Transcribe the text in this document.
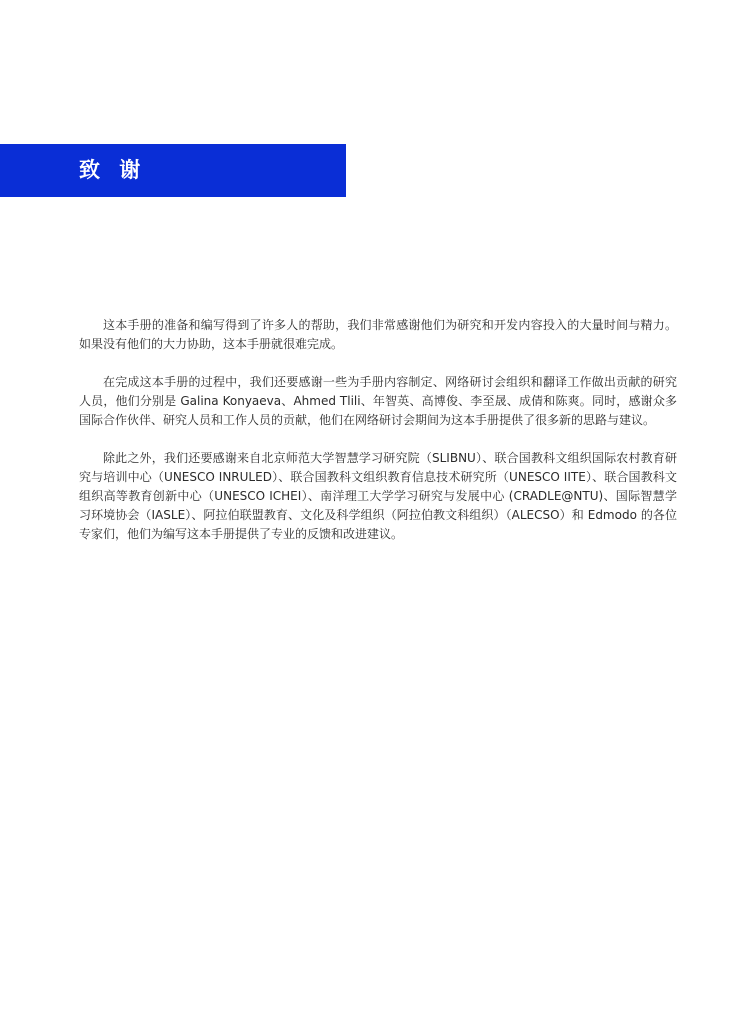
致 谢

这本手册的准备和编写得到了许多人的帮助，我们非常感谢他们为研究和开发内容投入的大量时间与精力。如果没有他们的大力协助，这本手册就很难完成。

在完成这本手册的过程中，我们还要感谢一些为手册内容制定、网络研讨会组织和翻译工作做出贡献的研究人员，他们分别是 Galina Konyaeva、Ahmed Tlili、年智英、高博俊、李至晟、成倩和陈爽。同时，感谢众多国际合作伙伴、研究人员和工作人员的贡献，他们在网络研讨会期间为这本手册提供了很多新的思路与建议。

除此之外，我们还要感谢来自北京师范大学智慧学习研究院（SLIBNU）、联合国教科文组织国际农村教育研究与培训中心（UNESCO INRULED）、联合国教科文组织教育信息技术研究所（UNESCO IITE）、联合国教科文组织高等教育创新中心（UNESCO ICHEI）、南洋理工大学学习研究与发展中心 (CRADLE@NTU)、国际智慧学习环境协会（IASLE）、阿拉伯联盟教育、文化及科学组织（阿拉伯教文科组织）（ALECSO）和 Edmodo 的各位专家们，他们为编写这本手册提供了专业的反馈和改进建议。
